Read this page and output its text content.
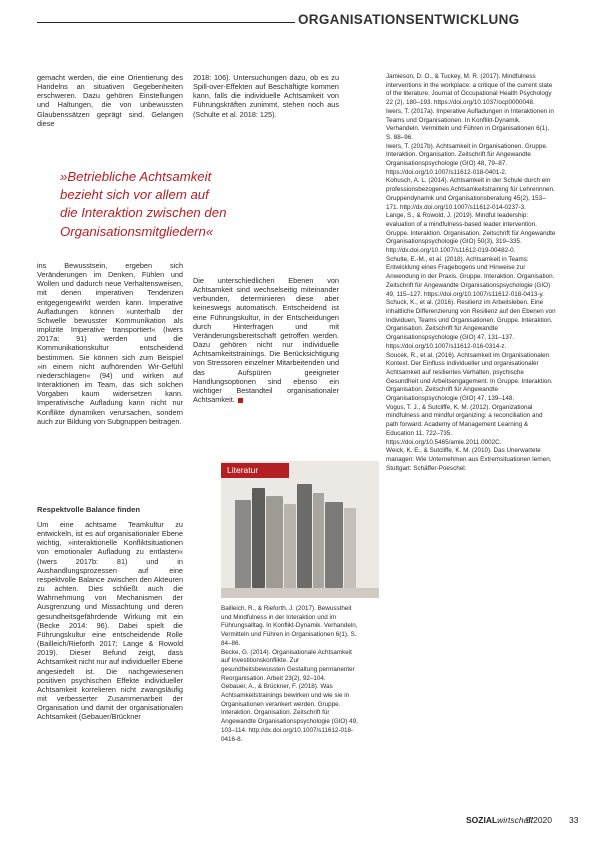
ORGANISATIONSENTWICKLUNG

gemacht werden, die eine Orientierung des Handelns an situativen Gegebenheiten erschweren. Dazu gehören Einstellungen und Haltungen, die von unbewussten Glaubenssätzen geprägt sind. Gelangen diese

2018: 106). Untersuchungen dazu, ob es zu Spill-over-Effekten auf Beschäftigte kommen kann, falls die individuelle Achtsamkeit von Führungskräften zunimmt, stehen noch aus (Schulte et al. 2018: 125).

»Betriebliche Achtsamkeit
bezieht sich vor allem auf
die Interaktion zwischen den
Organisationsmitgliedern«

ins Bewusstsein, ergeben sich Veränderungen im Denken, Fühlen und Wollen und dadurch neue Verhaltensweisen, mit denen imperativen Tendenzen entgegengewirkt werden kann. Imperative Aufladungen können »unterhalb der Schwelle bewusster Kommunikation als implizite Imperative transportiert« (Iwers 2017a: 91) werden und die Kommunikationskultur entscheidend bestimmen. Sie können sich zum Beispiel »in einem nicht aufhörenden Wir-Gefühl niederschlagen« (94) und wirken auf Interaktionen im Team, das sich solchen Vorgaben kaum widersetzen kann. Imperativische Aufladung kann nicht nur Konflikte dynamiken verursachen, sondern auch zur Bildung von Subgruppen beitragen.

Respektvolle Balance finden

Um eine achtsame Teamkultur zu entwickeln, ist es auf organisationaler Ebene wichtig, »interaktionelle Konfliktsituationen von emotionaler Aufladung zu entlasten« (Iwers 2017b: 81) und in Aushandlungsprozessen auf eine respektvolle Balance zwischen den Akteuren zu achten. Dies schließt auch die Wahrnehmung von Mechanismen der Ausgrenzung und Missachtung und deren gesundheitsgefährdende Wirkung mit ein (Becke 2014: 96). Dabei spielt die Führungskultur eine entscheidende Rolle (Bailleich/Rieforth 2017; Lange & Rowold 2019). Dieser Befund zeigt, dass Achtsamkeit nicht nur auf individueller Ebene angesiedelt ist. Die nachgewiesenen positiven psychischen Effekte individueller Achtsamkeit korrelieren nicht zwangsläufig mit verbesserter Zusammenarbeit der Organisation und damit der organisationalen Achtsamkeit (Gebauer/Brückner

Die unterschiedlichen Ebenen von Achtsamkeit sind wechselseitig miteinander verbunden, determinieren diese aber keineswegs automatisch. Entscheidend ist eine Führungskultur, in der Entscheidungen durch Hinterfragen und mit Veränderungsbereitschaft getroffen werden. Dazu gehören nicht nur individuelle Achtsamkeitstrainings. Die Berücksichtigung von Stressoren einzelner Mitarbeitenden und das Aufspüren geeigneter Handlungsoptionen sind ebenso ein wichtiger Bestandteil organisationaler Achtsamkeit.

Literatur

Bailleich, R., & Rieforth, J. (2017). Bewusstheit und Mindfulness in der Interaktion und im Führungsalltag. In Konflikt-Dynamik. Verhandeln, Vermitteln und Führen in Organisationen 6(1), S. 84–86.

Becke, G. (2014). Organisationale Achtsamkeit auf Investitionskonflikte. Zur gesundheitsbewussten Gestaltung permanenter Reorganisation. Arbeit 23(2), 92–104.

Gebauer, A., & Brückner, F. (2018). Was Achtsamkeitstrainings bewirken und wie sie in Organisationen verankert werden. Gruppe. Interaktion. Organisation. Zeitschrift für Angewandte Organisationspsychologie (GIO) 49, 103–114. http://dx.doi.org/10.1007/s11612-018-0416-8.

Jamieson, D. O., & Tuckey, M. R. (2017). Mindfulness interventions in the workplace: a critique of the current state of the literature. Journal of Occupational Health Psychology 22 (2), 180–193. https://doi.org/10.1037/ocp0000048.

Iwers, T. (2017a). Imperative Aufladungen in Interaktionen in Teams und Organisationen. In Konflikt-Dynamik. Verhandeln. Vermitteln und Führen in Organisationen 6(1), S. 88–96.

Iwers, T. (2017b). Achtsamkeit in Organisationen. Gruppe. Interaktion. Organisation. Zeitschrift für Angewandte Organisationspsychologie (GIO) 48, 79–87. https://doi.org/10.1007/s11612-018-0401-2.

Kohusch, A. L. (2014). Achtsamkeit in der Schule durch ein professionsbezogenes Achtsamkeitstraining für Lehrerinnen. Gruppendynamik und Organisationsberatung 45(2), 153–171. http://dx.doi.org/10.1007/s11612-014-0237-3.

Lange, S., & Rowold, J. (2019). Mindful leadership: evaluation of a mindfulness-based leader intervention. Gruppe. Interaktion. Organisation. Zeitschrift für Angewandte Organisationspsychologie (GIO) 50(3), 319–335. http://dx.doi.org/10.1007/s11612-019-00482-0.

Schulte, E.-M., et al. (2018). Achtsamkeit in Teams: Entwicklung eines Fragebogens und Hinweise zur Anwendung in der Praxis. Gruppe. Interaktion. Organisation. Zeitschrift für Angewandte Organisationspsychologie (GIO) 49, 115–127. https://doi.org/10.1007/s11612-018-0413-y.

Schuck, K., et al. (2016). Resilienz im Arbeitsleben. Eine inhaltliche Differenzierung von Resilienz auf den Ebenen von Individuen, Teams und Organisationen. Gruppe. Interaktion. Organisation. Zeitschrift für Angewandte Organisationspsychologie (GIO) 47, 131–137. https://doi.org/10.1007/s11612-016-0314-z.

Soucek, R., et al. (2016). Achtsamkeit im Organisationalen Kontext. Der Einfluss individueller und organisationaler Achtsamkeit auf resilientes Verhalten, psychische Gesundheit und Arbeitsengagement. In Gruppe. Interaktion. Organisation. Zeitschrift für Angewandte Organisationspsychologie (GIO) 47, 139–148.

Vogus, T. J., & Sutcliffe, K. M. (2012). Organizational mindfulness and mindful organizing: a reconciliation and path forward. Academy of Management Learning & Education 11, 722–735. https://doi.org/10.5465/amle.2011.0002C.

Weick, K. E., & Sutcliffe, K. M. (2010). Das Unerwartete managen: Wie Unternehmen aus Extremsituationen lernen. Stuttgart: Schäffer-Poeschel.

SOZIALwirtschaft
5/2020 33
